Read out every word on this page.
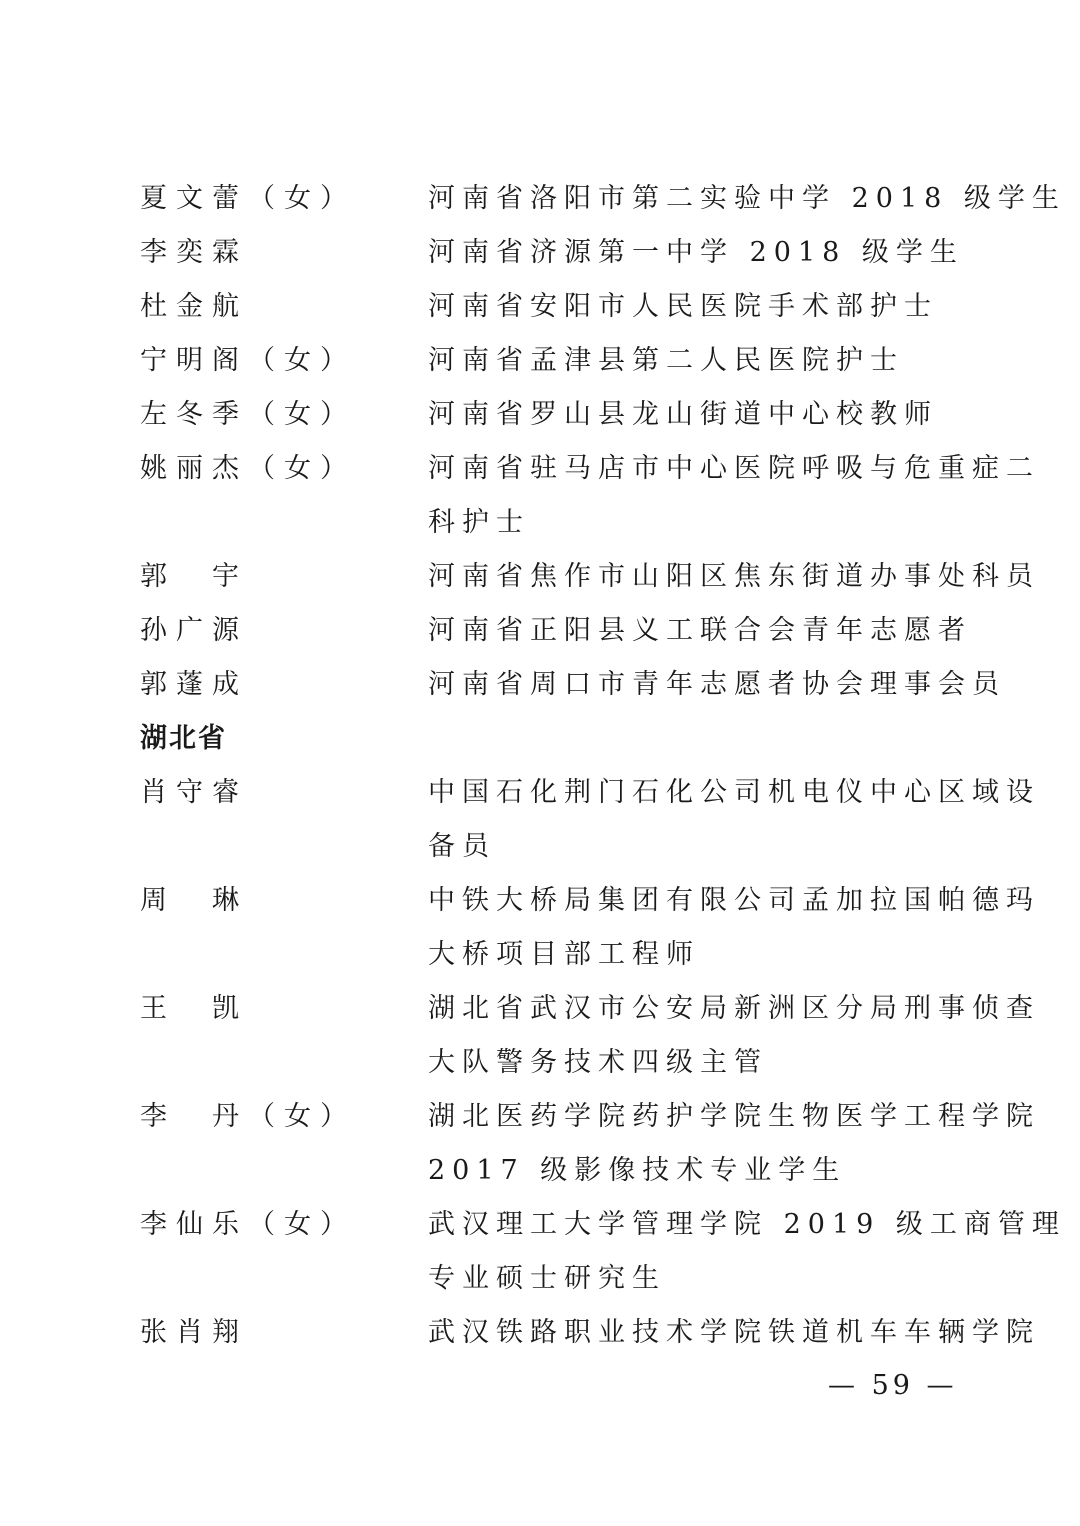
夏文蕾（女）	河南省洛阳市第二实验中学 2018 级学生
李奕霖	河南省济源第一中学 2018 级学生
杜金航	河南省安阳市人民医院手术部护士
宁明阁（女）	河南省孟津县第二人民医院护士
左冬季（女）	河南省罗山县龙山街道中心校教师
姚丽杰（女）	河南省驻马店市中心医院呼吸与危重症二
科护士
郭　宇	河南省焦作市山阳区焦东街道办事处科员
孙广源	河南省正阳县义工联合会青年志愿者
郭蓬成	河南省周口市青年志愿者协会理事会员
湖北省
肖守睿	中国石化荆门石化公司机电仪中心区域设
备员
周　琳	中铁大桥局集团有限公司孟加拉国帕德玛
大桥项目部工程师
王　凯	湖北省武汉市公安局新洲区分局刑事侦查
大队警务技术四级主管
李　丹（女）	湖北医药学院药护学院生物医学工程学院
2017 级影像技术专业学生
李仙乐（女）	武汉理工大学管理学院 2019 级工商管理
专业硕士研究生
张肖翔	武汉铁路职业技术学院铁道机车车辆学院
— 59 —
